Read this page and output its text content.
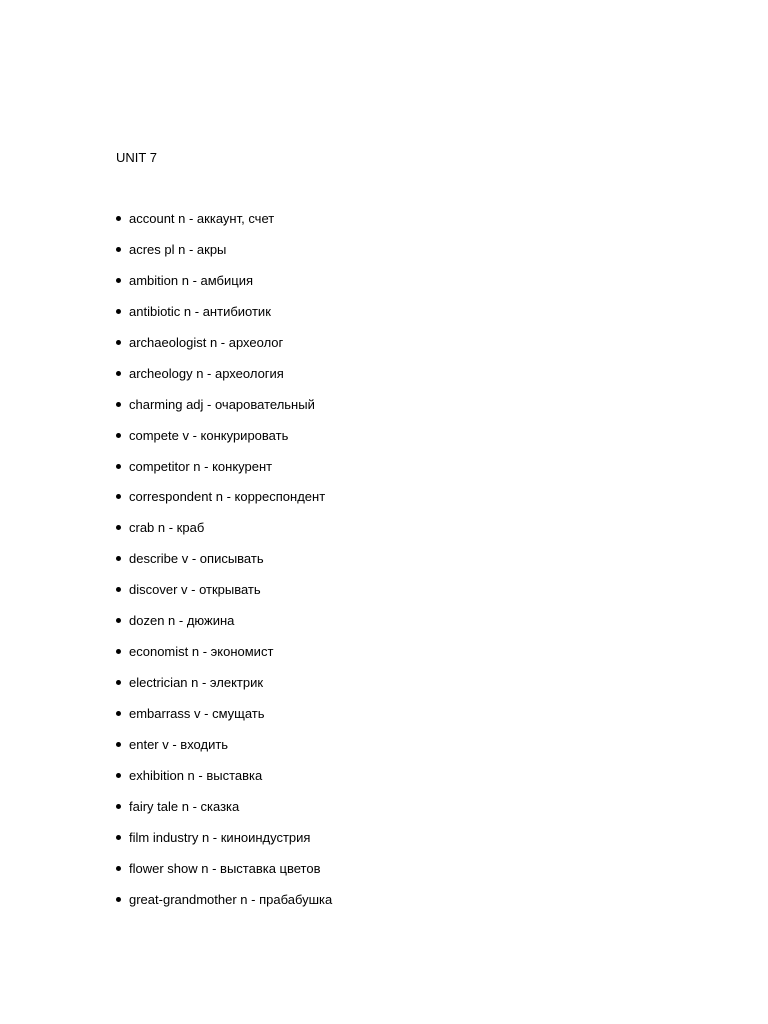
UNIT 7
account n - аккаунт, счет
acres pl n - акры
ambition n - амбиция
antibiotic n - антибиотик
archaeologist n - археолог
archeology n - археология
charming adj - очаровательный
compete v - конкурировать
competitor n - конкурент
correspondent n - корреспондент
crab n - краб
describe v - описывать
discover v - открывать
dozen n - дюжина
economist n - экономист
electrician n - электрик
embarrass v - смущать
enter v - входить
exhibition n - выставка
fairy tale n - сказка
film industry n - киноиндустрия
flower show n - выставка цветов
great-grandmother n - прабабушка
